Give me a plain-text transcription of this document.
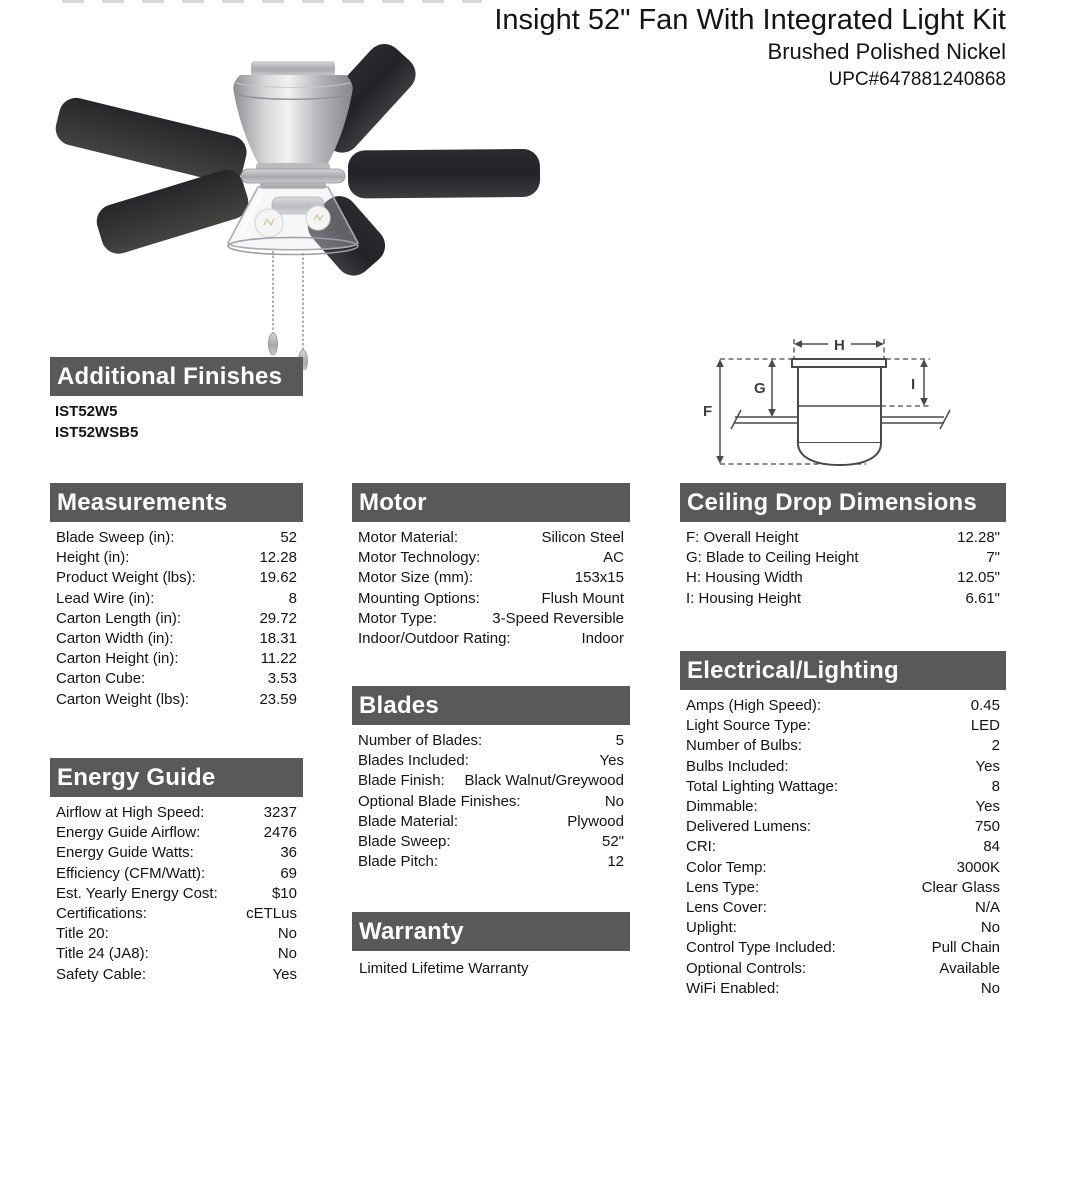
Insight 52" Fan With Integrated Light Kit
Brushed Polished Nickel
UPC#647881240868
F
G
H
I
Additional Finishes
IST52W5
IST52WSB5
Measurements
Blade Sweep (in):	52
Height (in):	12.28
Product Weight (lbs):	19.62
Lead Wire (in):	8
Carton Length (in):	29.72
Carton Width (in):	18.31
Carton Height (in):	11.22
Carton Cube:	3.53
Carton Weight (lbs):	23.59
Energy Guide
Airflow at High Speed:	3237
Energy Guide Airflow:	2476
Energy Guide Watts:	36
Efficiency (CFM/Watt):	69
Est. Yearly Energy Cost:	$10
Certifications:	cETLus
Title 20:	No
Title 24 (JA8):	No
Safety Cable:	Yes
Motor
Motor Material:	Silicon Steel
Motor Technology:	AC
Motor Size (mm):	153x15
Mounting Options:	Flush Mount
Motor Type:	3-Speed Reversible
Indoor/Outdoor Rating:	Indoor
Blades
Number of Blades:	5
Blades Included:	Yes
Blade Finish: Black Walnut/Greywood
Optional Blade Finishes:	No
Blade Material:	Plywood
Blade Sweep:	52"
Blade Pitch:	12
Warranty
Limited Lifetime Warranty
Ceiling Drop Dimensions
F: Overall Height	12.28"
G: Blade to Ceiling Height	7"
H: Housing Width	12.05"
I: Housing Height	6.61"
Electrical/Lighting
Amps (High Speed):	0.45
Light Source Type:	LED
Number of Bulbs:	2
Bulbs Included:	Yes
Total Lighting Wattage:	8
Dimmable:	Yes
Delivered Lumens:	750
CRI:	84
Color Temp:	3000K
Lens Type:	Clear Glass
Lens Cover:	N/A
Uplight:	No
Control Type Included:	Pull Chain
Optional Controls:	Available
WiFi Enabled:	No
